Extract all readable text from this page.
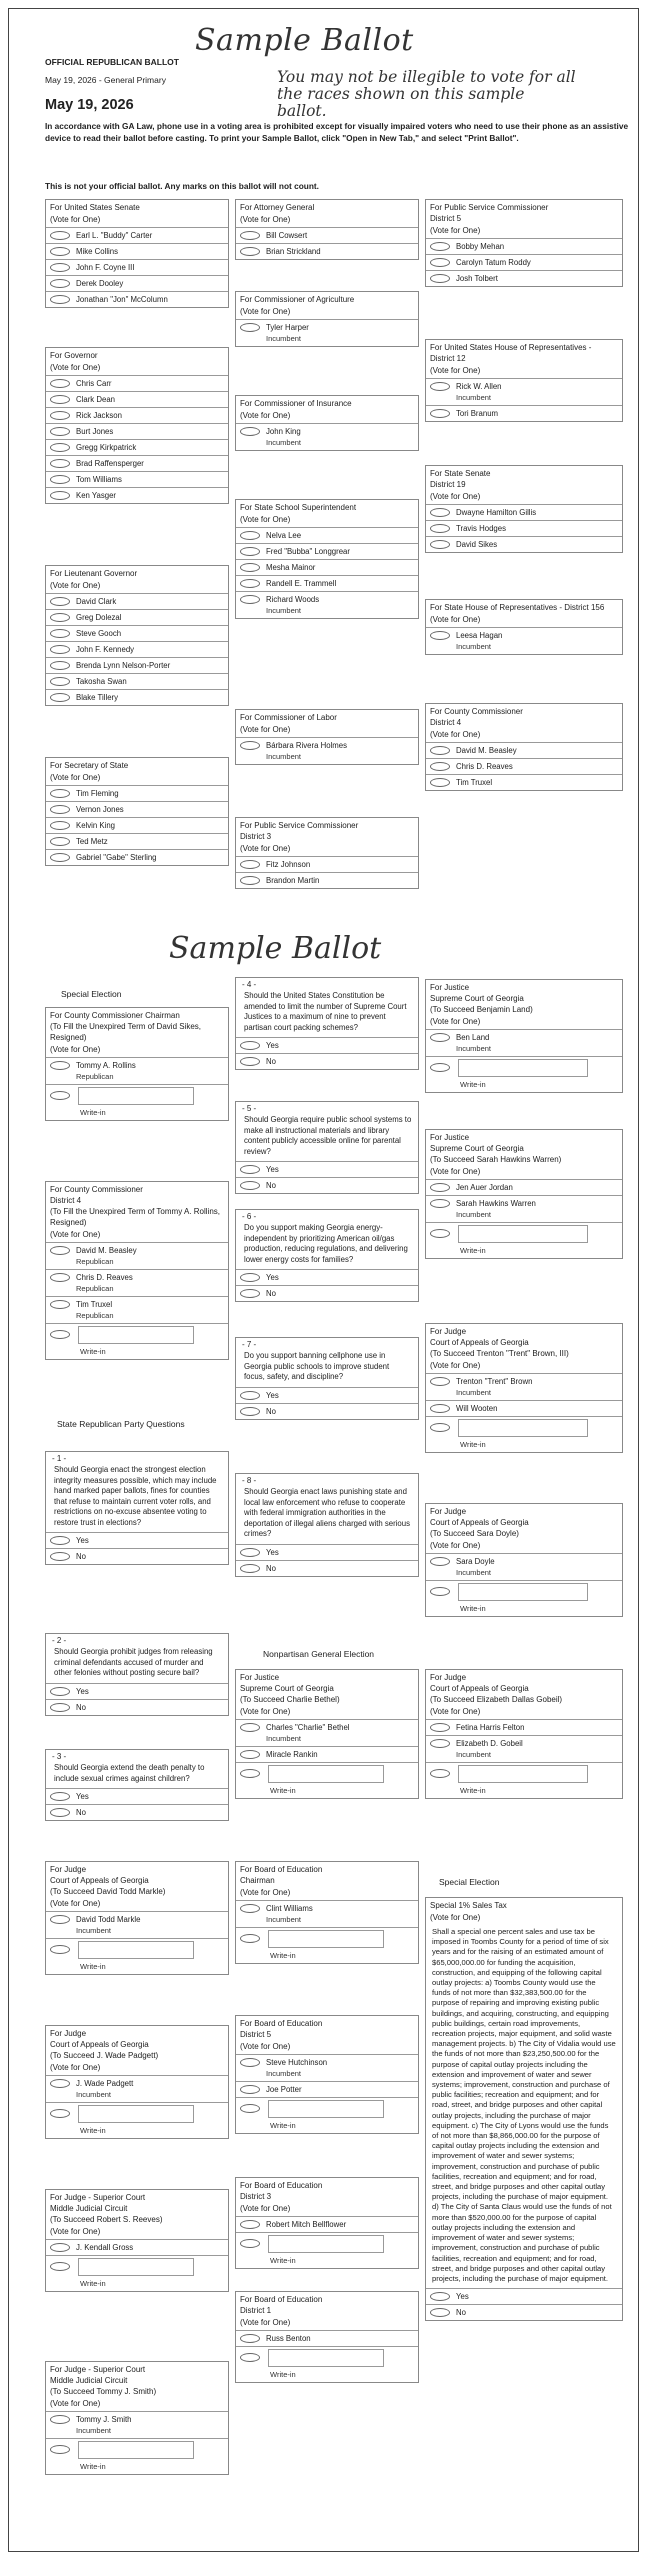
Sample Ballot
OFFICIAL REPUBLICAN BALLOT
May 19, 2026 - General Primary	You may not be illegible to vote for all the races shown on this sample ballot.
May 19, 2026
In accordance with GA Law, phone use in a voting area is prohibited except for visually impaired voters who need to use their phone as an assistive device to read their ballot before casting. To print your Sample Ballot, click "Open in New Tab," and select "Print Ballot".
This is not your official ballot. Any marks on this ballot will not count.
For United States Senate
(Vote for One)
Earl L. "Buddy" Carter
Mike Collins
John F. Coyne III
Derek Dooley
Jonathan "Jon" McColumn
For Governor
(Vote for One)
Chris Carr
Clark Dean
Rick Jackson
Burt Jones
Gregg Kirkpatrick
Brad Raffensperger
Tom Williams
Ken Yasger
For Lieutenant Governor
(Vote for One)
David Clark
Greg Dolezal
Steve Gooch
John F. Kennedy
Brenda Lynn Nelson-Porter
Takosha Swan
Blake Tillery
For Secretary of State
(Vote for One)
Tim Fleming
Vernon Jones
Kelvin King
Ted Metz
Gabriel "Gabe" Sterling
For Attorney General
(Vote for One)
Bill Cowsert
Brian Strickland
For Commissioner of Agriculture
(Vote for One)
Tyler Harper
Incumbent
For Commissioner of Insurance
(Vote for One)
John King
Incumbent
For State School Superintendent
(Vote for One)
Nelva Lee
Fred "Bubba" Longgrear
Mesha Mainor
Randell E. Trammell
Richard Woods
Incumbent
For Commissioner of Labor
(Vote for One)
Bárbara Rivera Holmes
Incumbent
For Public Service Commissioner
District 3
(Vote for One)
Fitz Johnson
Brandon Martin
For Public Service Commissioner
District 5
(Vote for One)
Bobby Mehan
Carolyn Tatum Roddy
Josh Tolbert
For United States House of Representatives - District 12
(Vote for One)
Rick W. Allen
Incumbent
Tori Branum
For State Senate
District 19
(Vote for One)
Dwayne Hamilton Gillis
Travis Hodges
David Sikes
For State House of Representatives - District 156
(Vote for One)
Leesa Hagan
Incumbent
For County Commissioner
District 4
(Vote for One)
David M. Beasley
Chris D. Reaves
Tim Truxel
Sample Ballot
Special Election
For County Commissioner Chairman
(To Fill the Unexpired Term of David Sikes, Resigned)
(Vote for One)
Tommy A. Rollins
Republican
Write-in
For County Commissioner
District 4
(To Fill the Unexpired Term of Tommy A. Rollins, Resigned)
(Vote for One)
David M. Beasley
Republican
Chris D. Reaves
Republican
Tim Truxel
Republican
Write-in
State Republican Party Questions
- 1 -
Should Georgia enact the strongest election integrity measures possible, which may include hand marked paper ballots, fines for counties that refuse to maintain current voter rolls, and restrictions on no-excuse absentee voting to restore trust in elections?
Yes
No
- 2 -
Should Georgia prohibit judges from releasing criminal defendants accused of murder and other felonies without posting secure bail?
Yes
No
- 3 -
Should Georgia extend the death penalty to include sexual crimes against children?
Yes
No
- 4 -
Should the United States Constitution be amended to limit the number of Supreme Court Justices to a maximum of nine to prevent partisan court packing schemes?
Yes
No
- 5 -
Should Georgia require public school systems to make all instructional materials and library content publicly accessible online for parental review?
Yes
No
- 6 -
Do you support making Georgia energy-independent by prioritizing American oil/gas production, reducing regulations, and delivering lower energy costs for families?
Yes
No
- 7 -
Do you support banning cellphone use in Georgia public schools to improve student focus, safety, and discipline?
Yes
No
- 8 -
Should Georgia enact laws punishing state and local law enforcement who refuse to cooperate with federal immigration authorities in the deportation of illegal aliens charged with serious crimes?
Yes
No
Nonpartisan General Election
For Justice
Supreme Court of Georgia
(To Succeed Charlie Bethel)
(Vote for One)
Charles "Charlie" Bethel
Incumbent
Miracle Rankin
Write-in
For Justice
Supreme Court of Georgia
(To Succeed Benjamin Land)
(Vote for One)
Ben Land
Incumbent
Write-in
For Justice
Supreme Court of Georgia
(To Succeed Sarah Hawkins Warren)
(Vote for One)
Jen Auer Jordan
Sarah Hawkins Warren
Incumbent
Write-in
For Judge
Court of Appeals of Georgia
(To Succeed Trenton "Trent" Brown, III)
(Vote for One)
Trenton "Trent" Brown
Incumbent
Will Wooten
Write-in
For Judge
Court of Appeals of Georgia
(To Succeed Sara Doyle)
(Vote for One)
Sara Doyle
Incumbent
Write-in
For Judge
Court of Appeals of Georgia
(To Succeed Elizabeth Dallas Gobeil)
(Vote for One)
Fetina Harris Felton
Elizabeth D. Gobeil
Incumbent
Write-in
For Judge
Court of Appeals of Georgia
(To Succeed David Todd Markle)
(Vote for One)
David Todd Markle
Incumbent
Write-in
For Judge
Court of Appeals of Georgia
(To Succeed J. Wade Padgett)
(Vote for One)
J. Wade Padgett
Incumbent
Write-in
For Judge - Superior Court
Middle Judicial Circuit
(To Succeed Robert S. Reeves)
(Vote for One)
J. Kendall Gross
Write-in
For Judge - Superior Court
Middle Judicial Circuit
(To Succeed Tommy J. Smith)
(Vote for One)
Tommy J. Smith
Incumbent
Write-in
For Board of Education
Chairman
(Vote for One)
Clint Williams
Incumbent
Write-in
For Board of Education
District 5
(Vote for One)
Steve Hutchinson
Incumbent
Joe Potter
Write-in
For Board of Education
District 3
(Vote for One)
Robert Mitch Bellflower
Write-in
For Board of Education
District 1
(Vote for One)
Russ Benton
Write-in
Special Election
Special 1% Sales Tax
(Vote for One)
Shall a special one percent sales and use tax be imposed in Toombs County for a period of time of six years and for the raising of an estimated amount of $65,000,000.00 for funding the acquisition, construction, and equipping of the following capital outlay projects: a) Toombs County would use the funds of not more than $32,383,500.00 for the purpose of repairing and improving existing public buildings, and acquiring, constructing, and equipping public buildings, certain road improvements, recreation projects, major equipment, and solid waste management projects. b) The City of Vidalia would use the funds of not more than $23,250,500.00 for the purpose of capital outlay projects including the extension and improvement of water and sewer systems; improvement, construction and purchase of public facilities; recreation and equipment; and for road, street, and bridge purposes and other capital outlay projects, including the purchase of major equipment. c) The City of Lyons would use the funds of not more than $8,866,000.00 for the purpose of capital outlay projects including the extension and improvement of water and sewer systems; improvement, construction and purchase of public facilities, recreation and equipment; and for road, street, and bridge purposes and other capital outlay projects, including the purchase of major equipment. d) The City of Santa Claus would use the funds of not more than $520,000.00 for the purpose of capital outlay projects including the extension and improvement of water and sewer systems; improvement, construction and purchase of public facilities, recreation and equipment; and for road, street, and bridge purposes and other capital outlay projects, including the purchase of major equipment.
Yes
No
